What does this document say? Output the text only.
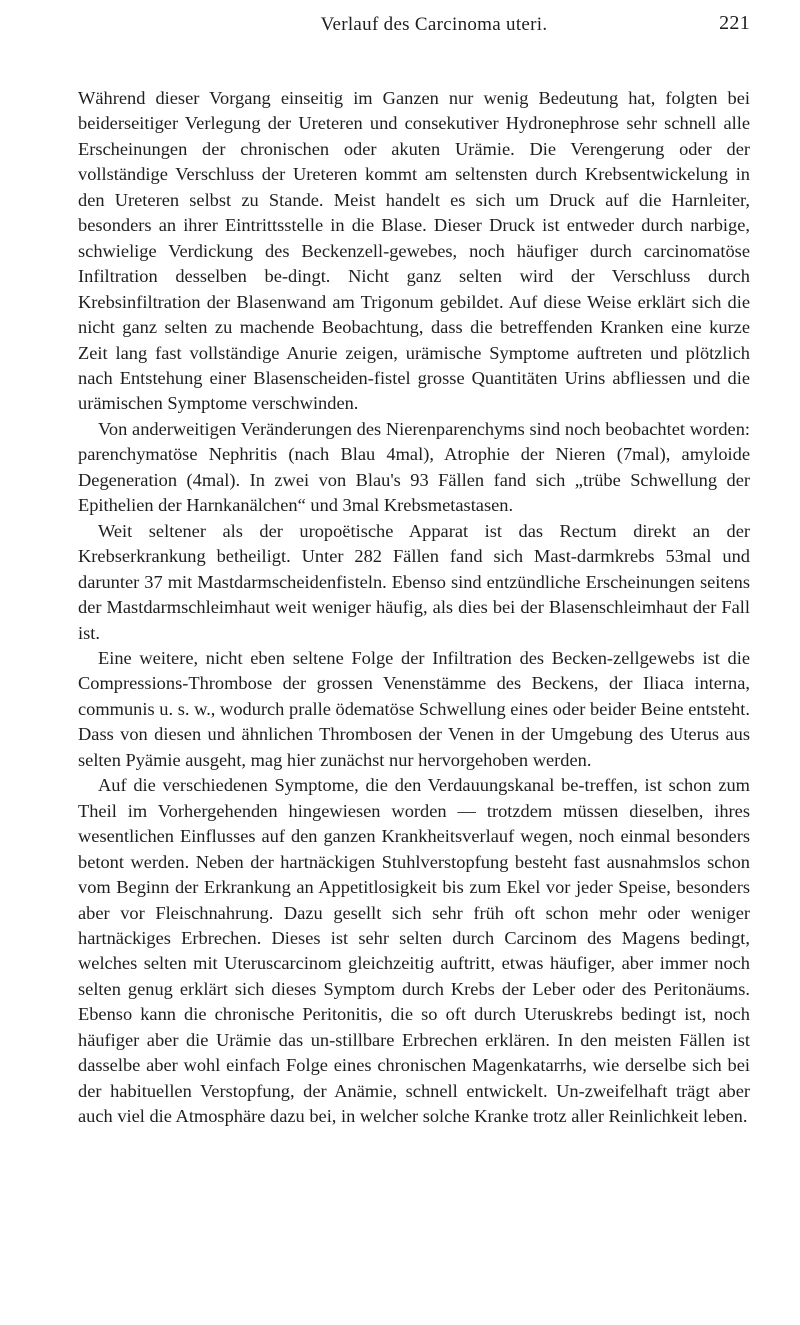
Verlauf des Carcinoma uteri.	221

Während dieser Vorgang einseitig im Ganzen nur wenig Bedeutung hat, folgten bei beiderseitiger Verlegung der Ureteren und consekutiver Hydronephrose sehr schnell alle Erscheinungen der chronischen oder akuten Urämie. Die Verengerung oder der vollständige Verschluss der Ureteren kommt am seltensten durch Krebsentwickelung in den Ureteren selbst zu Stande. Meist handelt es sich um Druck auf die Harnleiter, besonders an ihrer Eintrittsstelle in die Blase. Dieser Druck ist entweder durch narbige, schwielige Verdickung des Beckenzell-gewebes, noch häufiger durch carcinomatöse Infiltration desselben be-dingt. Nicht ganz selten wird der Verschluss durch Krebsinfiltration der Blasenwand am Trigonum gebildet. Auf diese Weise erklärt sich die nicht ganz selten zu machende Beobachtung, dass die betreffenden Kranken eine kurze Zeit lang fast vollständige Anurie zeigen, urämische Symptome auftreten und plötzlich nach Entstehung einer Blasenscheiden-fistel grosse Quantitäten Urins abfliessen und die urämischen Symptome verschwinden.

Von anderweitigen Veränderungen des Nierenparenchyms sind noch beobachtet worden: parenchymatöse Nephritis (nach Blau 4mal), Atrophie der Nieren (7mal), amyloide Degeneration (4mal). In zwei von Blau's 93 Fällen fand sich „trübe Schwellung der Epithelien der Harnkanälchen“ und 3mal Krebsmetastasen.

Weit seltener als der uropoëtische Apparat ist das Rectum direkt an der Krebserkrankung betheiligt. Unter 282 Fällen fand sich Mast-darmkrebs 53mal und darunter 37 mit Mastdarmscheidenfisteln. Ebenso sind entzündliche Erscheinungen seitens der Mastdarmschleimhaut weit weniger häufig, als dies bei der Blasenschleimhaut der Fall ist.

Eine weitere, nicht eben seltene Folge der Infiltration des Becken-zellgewebs ist die Compressions-Thrombose der grossen Venenstämme des Beckens, der Iliaca interna, communis u. s. w., wodurch pralle ödematöse Schwellung eines oder beider Beine entsteht. Dass von diesen und ähnlichen Thrombosen der Venen in der Umgebung des Uterus aus selten Pyämie ausgeht, mag hier zunächst nur hervorgehoben werden.

Auf die verschiedenen Symptome, die den Verdauungskanal be-treffen, ist schon zum Theil im Vorhergehenden hingewiesen worden — trotzdem müssen dieselben, ihres wesentlichen Einflusses auf den ganzen Krankheitsverlauf wegen, noch einmal besonders betont werden. Neben der hartnäckigen Stuhlverstopfung besteht fast ausnahmslos schon vom Beginn der Erkrankung an Appetitlosigkeit bis zum Ekel vor jeder Speise, besonders aber vor Fleischnahrung. Dazu gesellt sich sehr früh oft schon mehr oder weniger hartnäckiges Erbrechen. Dieses ist sehr selten durch Carcinom des Magens bedingt, welches selten mit Uteruscarcinom gleichzeitig auftritt, etwas häufiger, aber immer noch selten genug erklärt sich dieses Symptom durch Krebs der Leber oder des Peritonäums. Ebenso kann die chronische Peritonitis, die so oft durch Uteruskrebs bedingt ist, noch häufiger aber die Urämie das un-stillbare Erbrechen erklären. In den meisten Fällen ist dasselbe aber wohl einfach Folge eines chronischen Magenkatarrhs, wie derselbe sich bei der habituellen Verstopfung, der Anämie, schnell entwickelt. Un-zweifelhaft trägt aber auch viel die Atmosphäre dazu bei, in welcher solche Kranke trotz aller Reinlichkeit leben.
